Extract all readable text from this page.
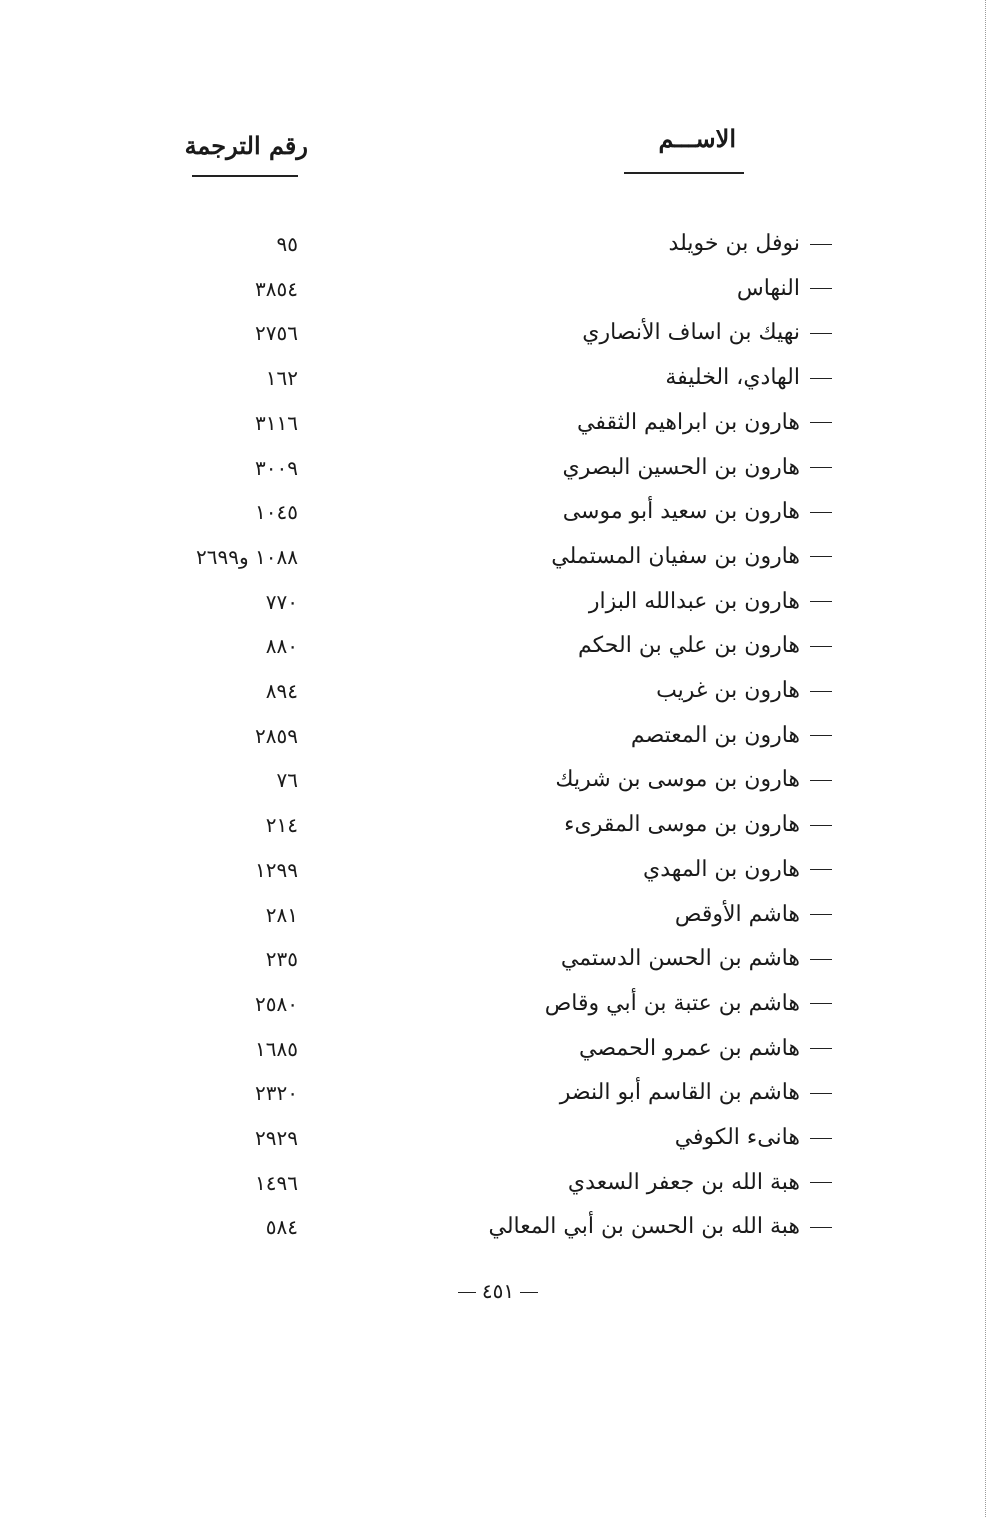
الاســـم
رقم الترجمة
نوفل بن خويلد
٩٥
النهاس
٣٨٥٤
نهيك بن اساف الأنصاري
٢٧٥٦
الهادي، الخليفة
١٦٢
هارون بن ابراهيم الثقفي
٣١١٦
هارون بن الحسين البصري
٣٠٠٩
هارون بن سعيد أبو موسى
١٠٤٥
هارون بن سفيان المستملي
١٠٨٨ و٢٦٩٩
هارون بن عبدالله البزار
٧٧٠
هارون بن علي بن الحكم
٨٨٠
هارون بن غريب
٨٩٤
هارون بن المعتصم
٢٨٥٩
هارون بن موسى بن شريك
٧٦
هارون بن موسى المقرىء
٢١٤
هارون بن المهدي
١٢٩٩
هاشم الأوقص
٢٨١
هاشم بن الحسن الدستمي
٢٣٥
هاشم بن عتبة بن أبي وقاص
٢٥٨٠
هاشم بن عمرو الحمصي
١٦٨٥
هاشم بن القاسم أبو النضر
٢٣٢٠
هانىء الكوفي
٢٩٢٩
هبة الله بن جعفر السعدي
١٤٩٦
هبة الله بن الحسن بن أبي المعالي
٥٨٤
٤٥١
